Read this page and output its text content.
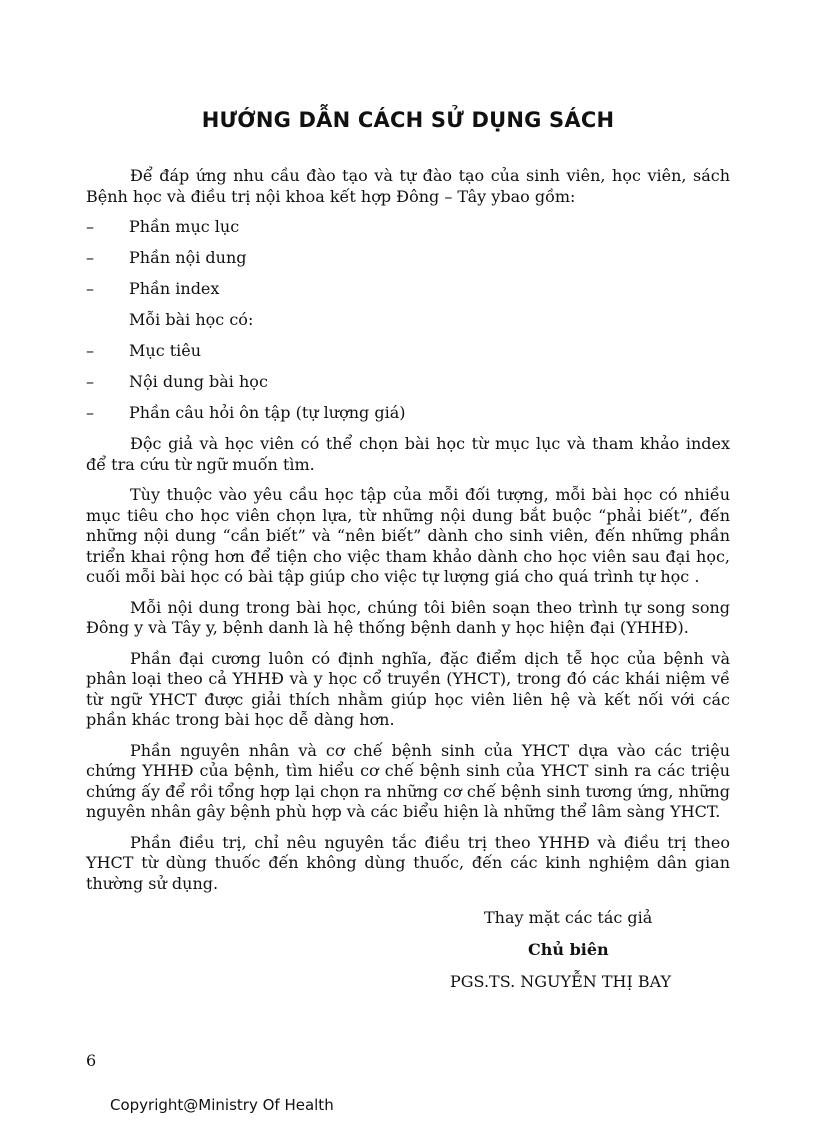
HƯỚNG DẪN CÁCH SỬ DỤNG SÁCH

Để đáp ứng nhu cầu đào tạo và tự đào tạo của sinh viên, học viên, sách Bệnh học và điều trị nội khoa kết hợp Đông – Tây ybao gồm:

–	Phần mục lục
–	Phần nội dung
–	Phần index
Mỗi bài học có:
–	Mục tiêu
–	Nội dung bài học
–	Phần câu hỏi ôn tập (tự lượng giá)

Độc giả và học viên có thể chọn bài học từ mục lục và tham khảo index để tra cứu từ ngữ muốn tìm.

Tùy thuộc vào yêu cầu học tập của mỗi đối tượng, mỗi bài học có nhiều mục tiêu cho học viên chọn lựa, từ những nội dung bắt buộc “phải biết”, đến những nội dung “cần biết” và “nên biết” dành cho sinh viên, đến những phần triển khai rộng hơn để tiện cho việc tham khảo dành cho học viên sau đại học, cuối mỗi bài học có bài tập giúp cho việc tự lượng giá cho quá trình tự học .

Mỗi nội dung trong bài học, chúng tôi biên soạn theo trình tự song song Đông y và Tây y, bệnh danh là hệ thống bệnh danh y học hiện đại (YHHĐ).

Phần đại cương luôn có định nghĩa, đặc điểm dịch tễ học của bệnh và phân loại theo cả YHHĐ và y học cổ truyền (YHCT), trong đó các khái niệm về từ ngữ YHCT được giải thích nhằm giúp học viên liên hệ và kết nối với các phần khác trong bài học dễ dàng hơn.

Phần nguyên nhân và cơ chế bệnh sinh của YHCT dựa vào các triệu chứng YHHĐ của bệnh, tìm hiểu cơ chế bệnh sinh của YHCT sinh ra các triệu chứng ấy để rồi tổng hợp lại chọn ra những cơ chế bệnh sinh tương ứng, những nguyên nhân gây bệnh phù hợp và các biểu hiện là những thể lâm sàng YHCT.

Phần điều trị, chỉ nêu nguyên tắc điều trị theo YHHĐ và điều trị theo YHCT từ dùng thuốc đến không dùng thuốc, đến các kinh nghiệm dân gian thường sử dụng.

Thay mặt các tác giả
Chủ biên
PGS.TS. NGUYỄN THỊ BAY
6
Copyright@Ministry Of Health
